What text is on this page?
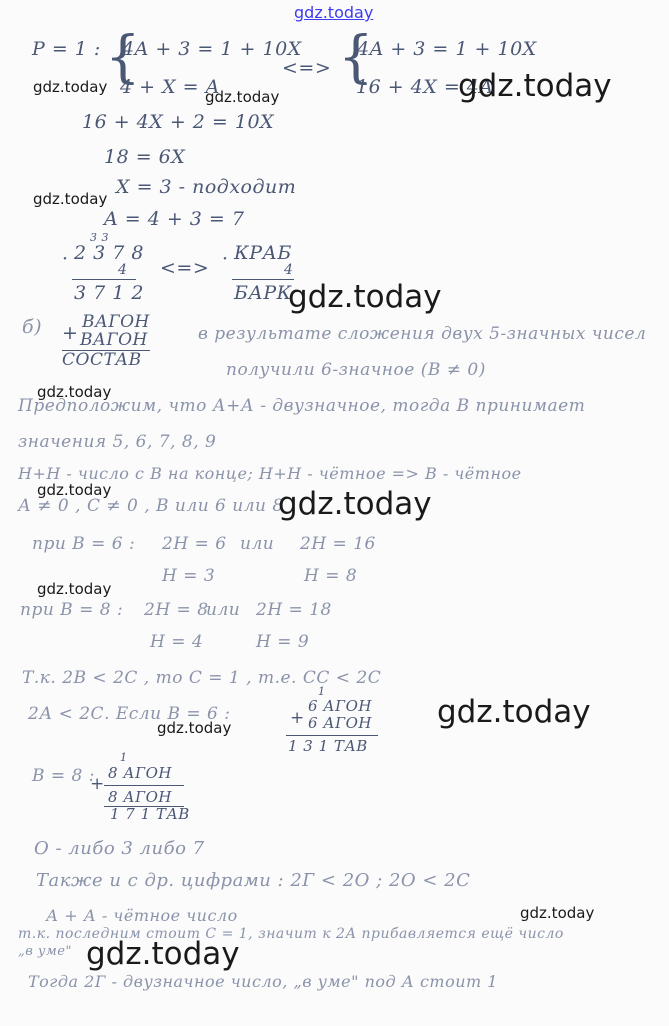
gdz.today
P = 1 : {
4A + 3 = 1 + 10X
4 + X = A
<=> {
4A + 3 = 1 + 10X
16 + 4X = 4A
16 + 4X + 2 = 10X
18 = 6X
X = 3 - подходит
A = 4 + 3 = 7
3 3
· 2 3 7 8
4
3 7 1 2
<=> · КРАБ
4
БАРК
б) + ВАГОН
ВАГОН
СОСТАВ
в результате сложения двух 5-значных чисел
получили 6-значное (В ≠ 0)
Предположим, что А+А - двузначное, тогда В принимает
значения 5, 6, 7, 8, 9
Н+Н - число с В на конце; Н+Н - чётное => В - чётное
А ≠ 0 , С ≠ 0 , В или 6 или 8
при В = 6 : 2Н = 6 или 2Н = 16
Н = 3	Н = 8
при В = 8 : 2Н = 8
или 2Н = 18
Н = 4	Н = 9
Т.к. 2В < 2С , то С = 1 , т.е. СС < 2С
2А < 2С. Если В = 6 :	+
1
6 АГОН
6 АГОН
1 3 1 ТАВ
В = 8 :
+
1
8 АГОН
8 АГОН
1 7 1 ТАВ
О - либо 3 либо 7
Также и с др. цифрами : 2Г < 2О ; 2О < 2С
А + А - чётное число
т.к. последним стоит С = 1, значит к 2А прибавляется ещё число
„в уме"
Тогда 2Г - двузначное число, „в уме" под А стоит 1
gdz.today
gdz.today	gdz.today
gdz.today
gdz.today
gdz.today
gdz.today	gdz.today
gdz.today
gdz.today	gdz.today
gdz.today
gdz.today
